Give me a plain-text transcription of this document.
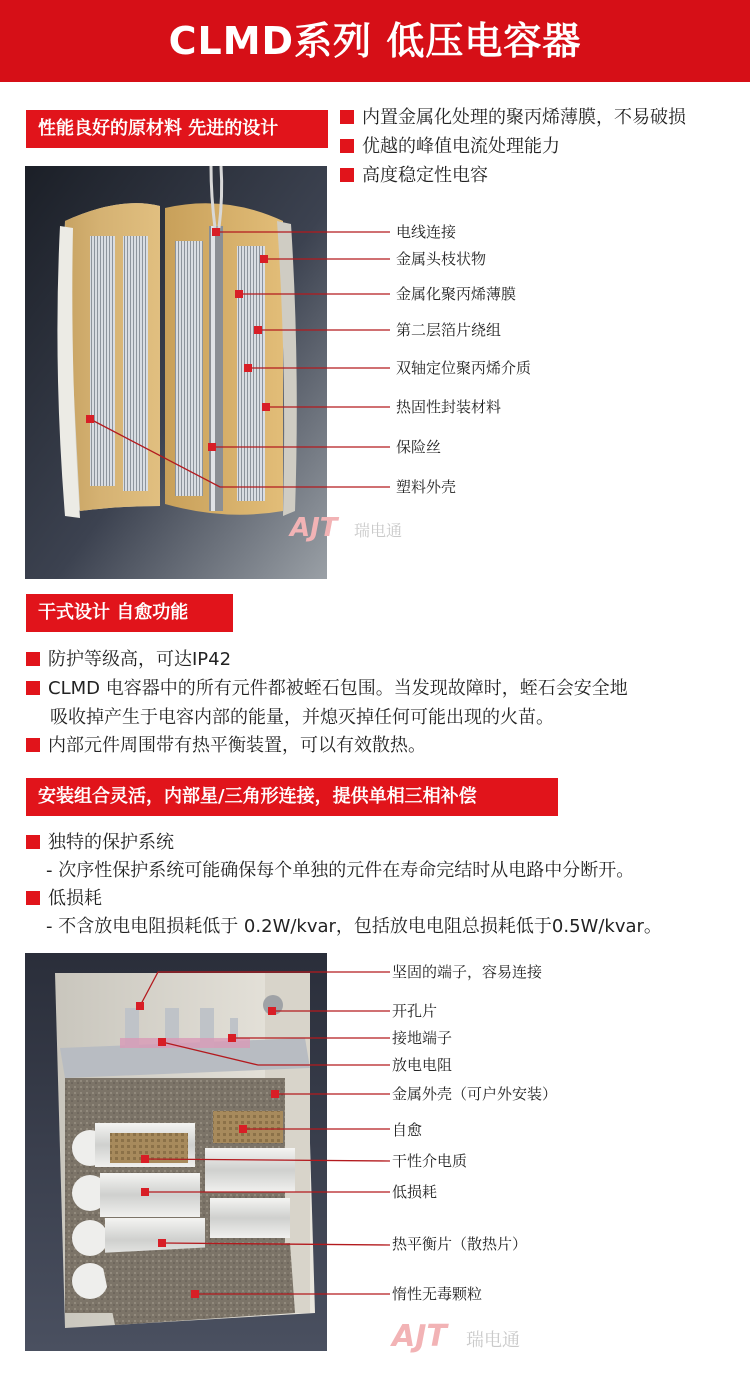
CLMD系列 低压电容器
性能良好的原材料 先进的设计
内置金属化处理的聚丙烯薄膜，不易破损
优越的峰值电流处理能力
高度稳定性电容
电线连接
金属头枝状物
金属化聚丙烯薄膜
第二层箔片绕组
双轴定位聚丙烯介质
热固性封装材料
保险丝
塑料外壳
AJT 瑞电通
干式设计 自愈功能
防护等级高，可达IP42
CLMD 电容器中的所有元件都被蛭石包围。当发现故障时，蛭石会安全地
吸收掉产生于电容内部的能量，并熄灭掉任何可能出现的火苗。
内部元件周围带有热平衡装置，可以有效散热。
安装组合灵活，内部星/三角形连接，提供单相三相补偿
独特的保护系统
- 次序性保护系统可能确保每个单独的元件在寿命完结时从电路中分断开。
低损耗
- 不含放电电阻损耗低于 0.2W/kvar，包括放电电阻总损耗低于0.5W/kvar。
坚固的端子，容易连接
开孔片
接地端子
放电电阻
金属外壳（可户外安装）
自愈
干性介电质
低损耗
热平衡片（散热片）
惰性无毒颗粒
AJT 瑞电通
